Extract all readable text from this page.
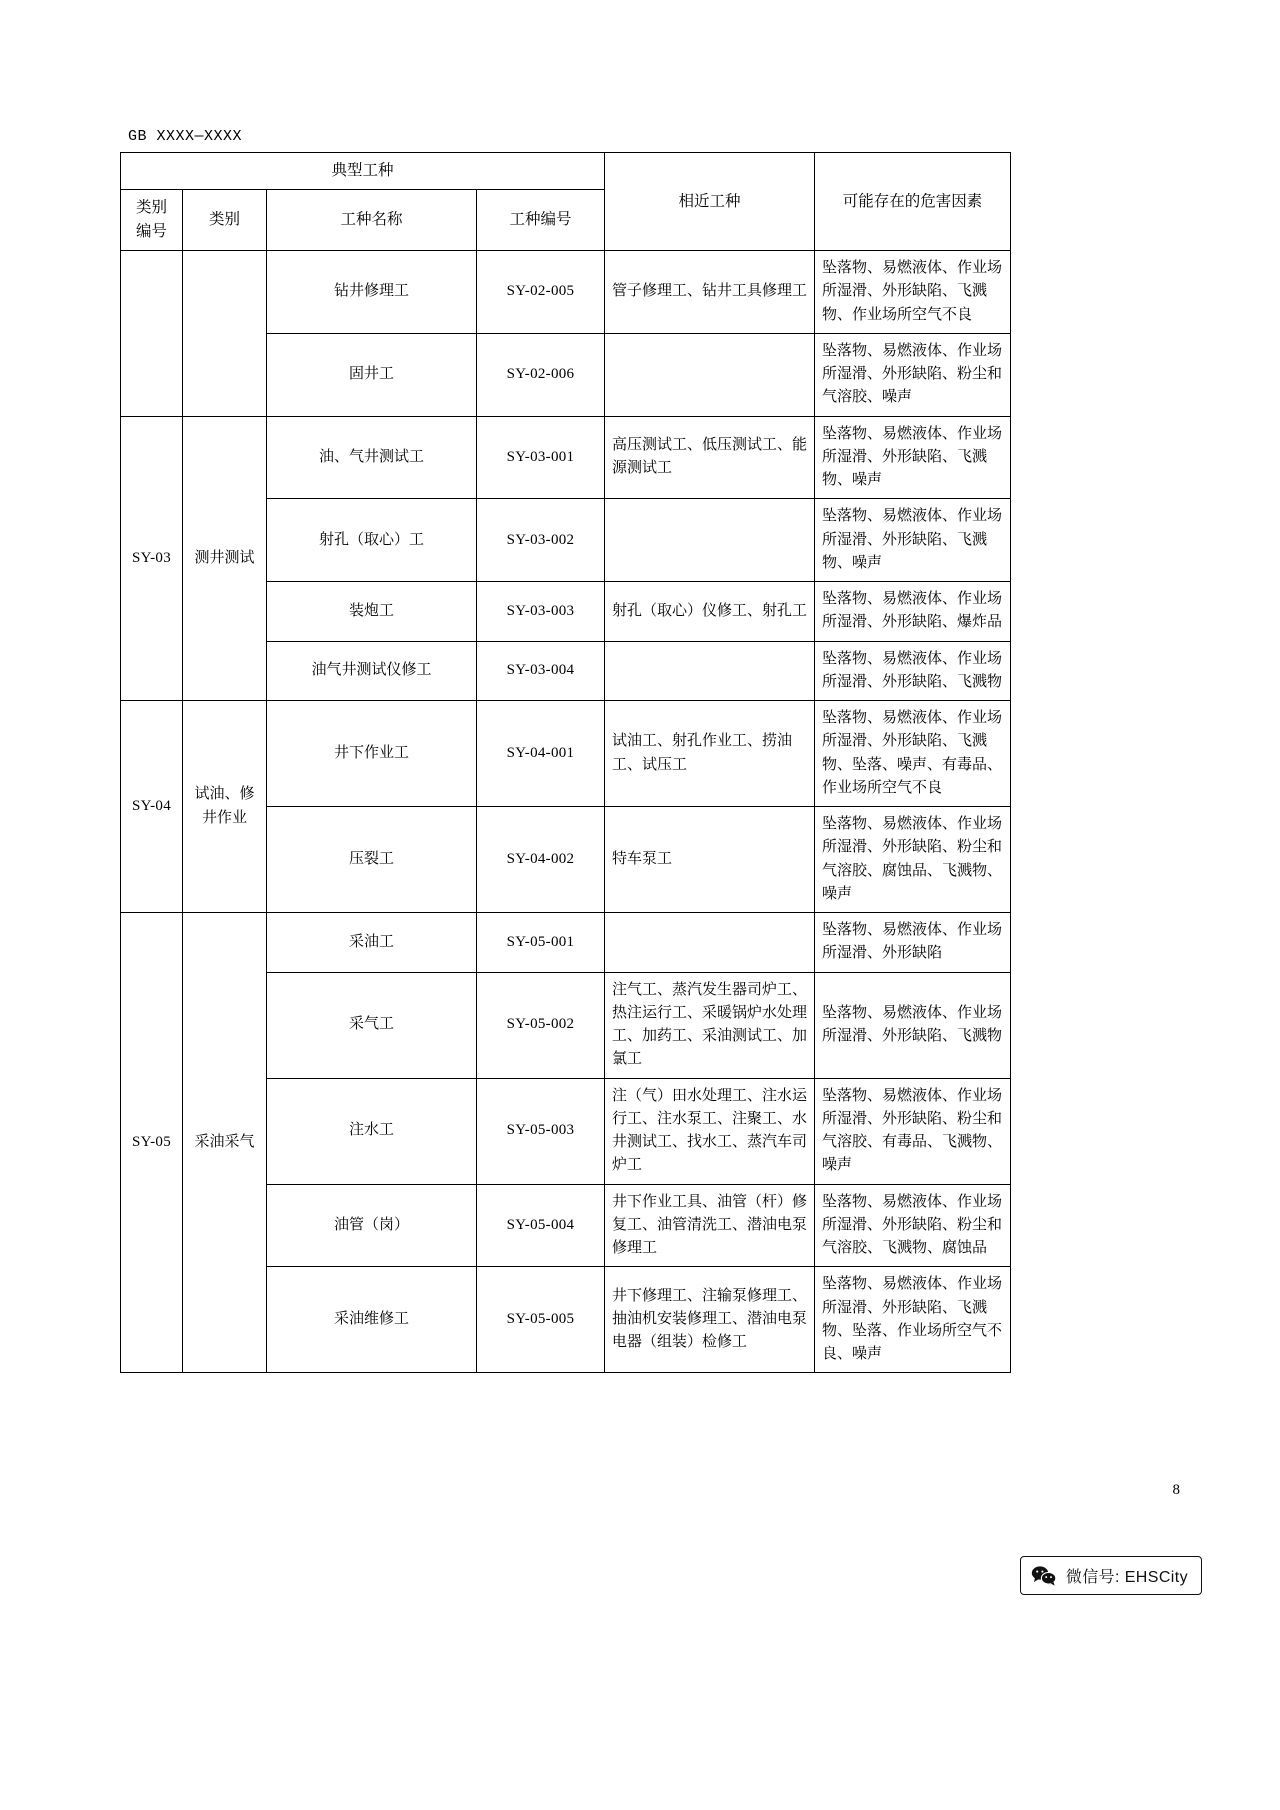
GB XXXX—XXXX
典型工种				相近工种	可能存在的危害因素

类别
编号	类别	工种名称	工种编号		
		钻井修理工	SY-02-005	管子修理工、钻井工具修理工	坠落物、易燃液体、作业场所湿滑、外形缺陷、飞溅物、作业场所空气不良
		固井工	SY-02-006		坠落物、易燃液体、作业场所湿滑、外形缺陷、粉尘和气溶胶、噪声
SY-03	测井测试	油、气井测试工	SY-03-001	高压测试工、低压测试工、能源测试工	坠落物、易燃液体、作业场所湿滑、外形缺陷、飞溅物、噪声
		射孔（取心）工	SY-03-002		坠落物、易燃液体、作业场所湿滑、外形缺陷、飞溅物、噪声
		装炮工	SY-03-003	射孔（取心）仪修工、射孔工	坠落物、易燃液体、作业场所湿滑、外形缺陷、爆炸品
		油气井测试仪修工	SY-03-004		坠落物、易燃液体、作业场所湿滑、外形缺陷、飞溅物
SY-04	试油、修井作业	井下作业工	SY-04-001	试油工、射孔作业工、捞油工、试压工	坠落物、易燃液体、作业场所湿滑、外形缺陷、飞溅物、坠落、噪声、有毒品、作业场所空气不良
		压裂工	SY-04-002	特车泵工	坠落物、易燃液体、作业场所湿滑、外形缺陷、粉尘和气溶胶、腐蚀品、飞溅物、噪声
SY-05	采油采气	采油工	SY-05-001		坠落物、易燃液体、作业场所湿滑、外形缺陷
		采气工	SY-05-002	注气工、蒸汽发生器司炉工、热注运行工、采暖锅炉水处理工、加药工、采油测试工、加氯工	坠落物、易燃液体、作业场所湿滑、外形缺陷、飞溅物
		注水工	SY-05-003	注（气）田水处理工、注水运行工、注水泵工、注聚工、水井测试工、找水工、蒸汽车司炉工	坠落物、易燃液体、作业场所湿滑、外形缺陷、粉尘和气溶胶、有毒品、飞溅物、噪声
		油管（岗）	SY-05-004	井下作业工具、油管（杆）修复工、油管清洗工、潜油电泵修理工	坠落物、易燃液体、作业场所湿滑、外形缺陷、粉尘和气溶胶、飞溅物、腐蚀品
		采油维修工	SY-05-005	井下修理工、注输泵修理工、抽油机安装修理工、潜油电泵电器（组装）检修工	坠落物、易燃液体、作业场所湿滑、外形缺陷、飞溅物、坠落、作业场所空气不良、噪声
8
微信号: EHSCity
